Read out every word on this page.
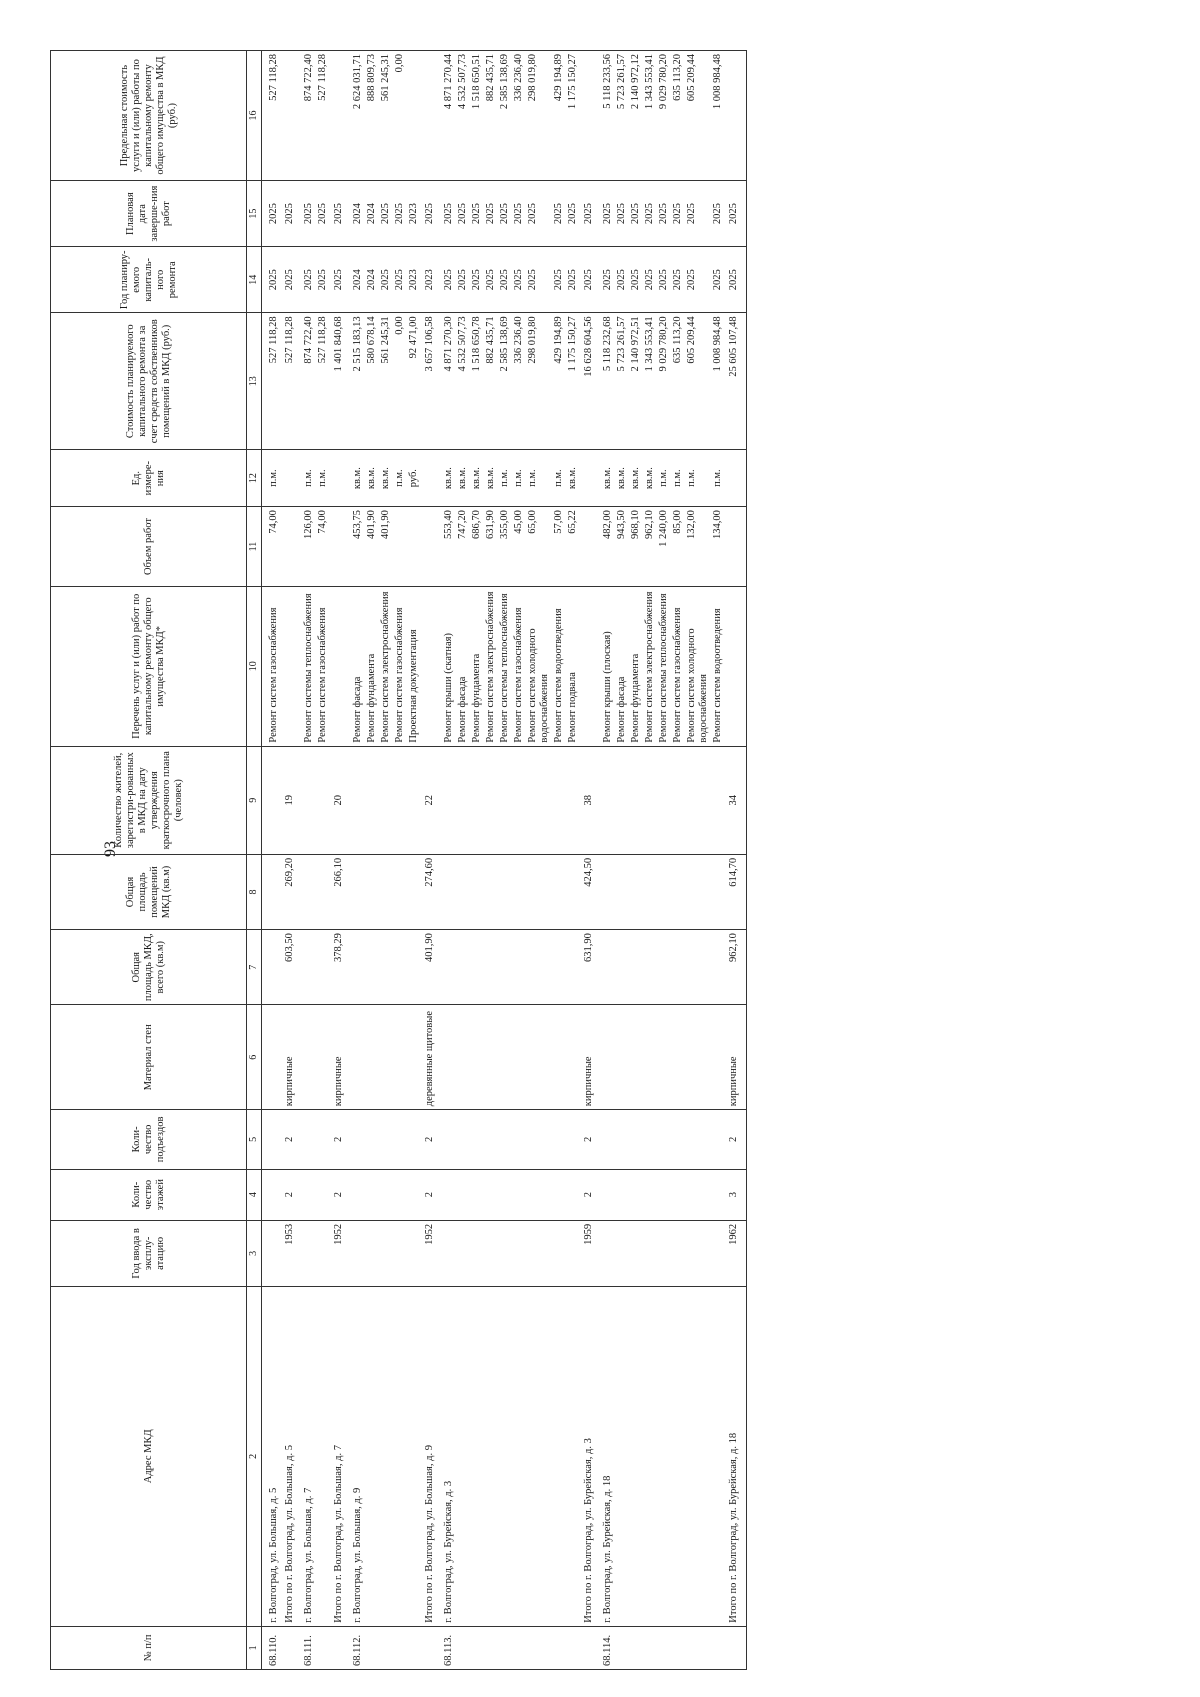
93
№ п/п	Адрес МКД	Год ввода в эксплу-атацию	Коли-чество этажей	Коли-чество подъездов	Материал стен	Общая площадь МКД, всего (кв.м)	Общая площадь помещений МКД (кв.м)	Количество жителей, зарегистри-рованных в МКД на дату утверждения краткосрочного плана (человек)	Перечень услуг и (или) работ по капитальному ремонту общего имущества МКД*	Объем работ	Ед. измере-ния	Стоимость планируемого капитального ремонта за счет средств собственников помещений в МКД (руб.)	Год планиру-емого капиталь-ного ремонта	Плановая дата заверше-ния работ	Предельная стоимость услуги и (или) работы по капитальному ремонту общего имущества в МКД (руб.)
1	2	3	4	5	6	7	8	9	10	11	12	13	14	15	16
68.110.	г. Волгоград, ул. Большая, д. 5								Ремонт систем газоснабжения	74,00	п.м.	527 118,28	2025	2025	527 118,28
	Итого по г. Волгоград, ул. Большая, д. 5	1953	2	2	кирпичные	603,50	269,20	19				527 118,28	2025	2025	
68.111.	г. Волгоград, ул. Большая, д. 7								Ремонт системы теплоснабжения	126,00	п.м.	874 722,40	2025	2025	874 722,40
									Ремонт систем газоснабжения	74,00	п.м.	527 118,28	2025	2025	527 118,28
	Итого по г. Волгоград, ул. Большая, д. 7	1952	2	2	кирпичные	378,29	266,10	20				1 401 840,68	2025	2025	
68.112.	г. Волгоград, ул. Большая, д. 9								Ремонт фасада	453,75	кв.м.	2 515 183,13	2024	2024	2 624 031,71
									Ремонт фундамента	401,90	кв.м.	580 678,14	2024	2024	888 809,73
									Ремонт систем электроснабжения	401,90	кв.м.	561 245,31	2025	2025	561 245,31
									Ремонт систем газоснабжения		п.м.	0,00	2025	2025	0,00
									Проектная документация		руб.	92 471,00	2023	2023	
	Итого по г. Волгоград, ул. Большая, д. 9	1952	2	2	деревянные щитовые	401,90	274,60	22				3 657 106,58	2023	2025	
68.113.	г. Волгоград, ул. Бурейская, д. 3								Ремонт крыши (скатная)	553,40	кв.м.	4 871 270,30	2025	2025	4 871 270,44
									Ремонт фасада	747,20	кв.м.	4 532 507,73	2025	2025	4 532 507,73
									Ремонт фундамента	686,70	кв.м.	1 518 650,78	2025	2025	1 518 650,51
									Ремонт систем электроснабжения	631,90	кв.м.	882 435,71	2025	2025	882 435,71
									Ремонт системы теплоснабжения	355,00	п.м.	2 585 138,69	2025	2025	2 585 138,69
									Ремонт систем газоснабжения	45,00	п.м.	336 236,40	2025	2025	336 236,40
									Ремонт систем холодного водоснабжения	65,00	п.м.	298 019,80	2025	2025	298 019,80
									Ремонт систем водоотведения	57,00	п.м.	429 194,89	2025	2025	429 194,89
									Ремонт подвала	65,22	кв.м.	1 175 150,27	2025	2025	1 175 150,27
	Итого по г. Волгоград, ул. Бурейская, д. 3	1959	2	2	кирпичные	631,90	424,50	38				16 628 604,56	2025	2025	
68.114.	г. Волгоград, ул. Бурейская, д. 18								Ремонт крыши (плоская)	482,00	кв.м.	5 118 232,68	2025	2025	5 118 233,56
									Ремонт фасада	943,50	кв.м.	5 723 261,57	2025	2025	5 723 261,57
									Ремонт фундамента	968,10	кв.м.	2 140 972,51	2025	2025	2 140 972,12
									Ремонт систем электроснабжения	962,10	кв.м.	1 343 553,41	2025	2025	1 343 553,41
									Ремонт системы теплоснабжения	1 240,00	п.м.	9 029 780,20	2025	2025	9 029 780,20
									Ремонт систем газоснабжения	85,00	п.м.	635 113,20	2025	2025	635 113,20
									Ремонт систем холодного водоснабжения	132,00	п.м.	605 209,44	2025	2025	605 209,44
									Ремонт систем водоотведения	134,00	п.м.	1 008 984,48	2025	2025	1 008 984,48
	Итого по г. Волгоград, ул. Бурейская, д. 18	1962	3	2	кирпичные	962,10	614,70	34				25 605 107,48	2025	2025	
